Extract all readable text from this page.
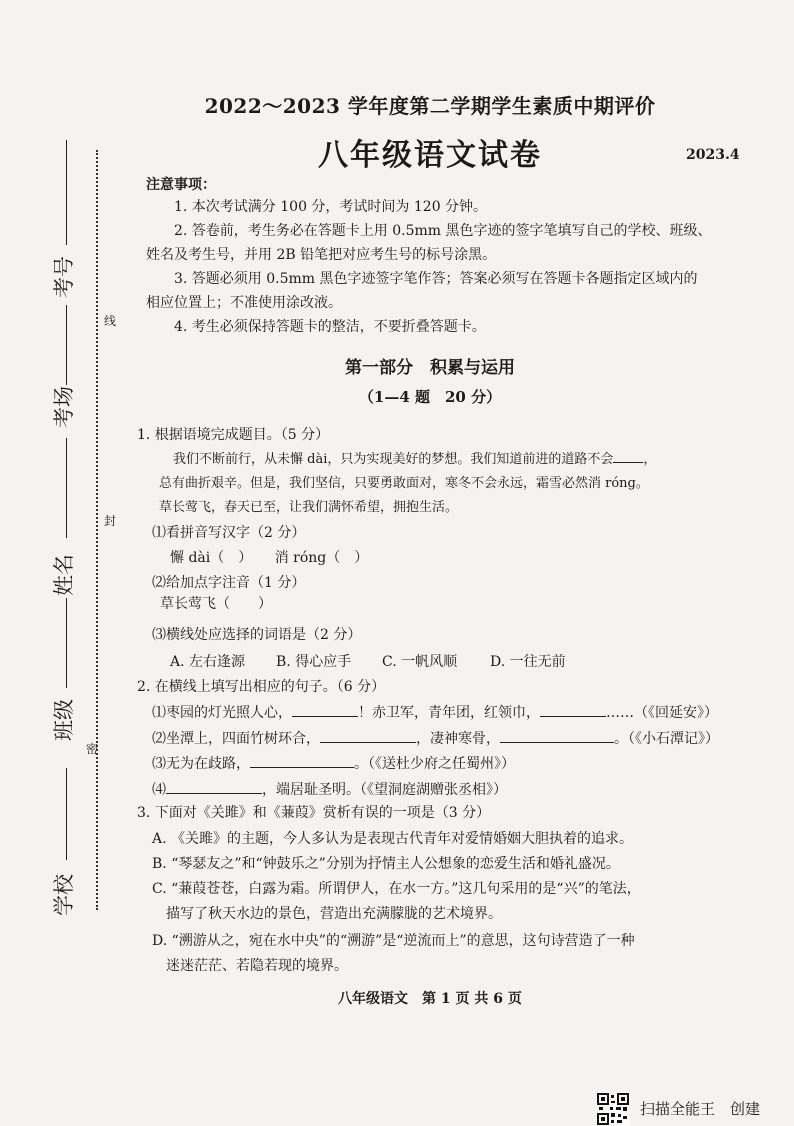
考号
考场
姓名
班级
学校
线
封
密
2022～2023 学年度第二学期学生素质中期评价
八年级语文试卷	2023.4
注意事项：
1. 本次考试满分 100 分，考试时间为 120 分钟。
2. 答卷前，考生务必在答题卡上用 0.5mm 黑色字迹的签字笔填写自己的学校、班级、
姓名及考生号，并用 2B 铅笔把对应考生号的标号涂黑。
3. 答题必须用 0.5mm 黑色字迹签字笔作答；答案必须写在答题卡各题指定区域内的
相应位置上；不准使用涂改液。
4. 考生必须保持答题卡的整洁，不要折叠答题卡。
第一部分　积累与运用
（1—4 题　20 分）
1. 根据语境完成题目。（5 分）
我们不断前行，从未懈 dài，只为实现美好的梦想。我们知道前进的道路不会 ，
总有曲折艰辛。但是，我们坚信，只要勇敢面对，寒冬不会永远，霜雪必然消 róng。
草长莺飞，春天已至，让我们满怀希望，拥抱生活。
⑴看拼音写汉字（2 分）
懈 dài（　） 消 róng（　）
⑵给加点字注音（1 分）
草长莺飞（　　）
⑶横线处应选择的词语是（2 分）
A. 左右逢源 B. 得心应手 C. 一帆风顺 D. 一往无前
2. 在横线上填写出相应的句子。（6 分）
⑴枣园的灯光照人心，	！赤卫军，青年团，红领巾，	……（《回延安》）
⑵坐潭上，四面竹树环合，	，凄神寒骨，	。（《小石潭记》）
⑶无为在歧路，	。（《送杜少府之任蜀州》）
⑷	，端居耻圣明。（《望洞庭湖赠张丞相》）
3. 下面对《关雎》和《蒹葭》赏析有误的一项是（3 分）
A. 《关雎》的主题，今人多认为是表现古代青年对爱情婚姻大胆执着的追求。
B. “琴瑟友之”和“钟鼓乐之”分别为抒情主人公想象的恋爱生活和婚礼盛况。
C. “蒹葭苍苍，白露为霜。所谓伊人，在水一方。”这几句采用的是“兴”的笔法，
描写了秋天水边的景色，营造出充满朦胧的艺术境界。
D. “溯游从之，宛在水中央”的“溯游”是“逆流而上”的意思，这句诗营造了一种
迷迷茫茫、若隐若现的境界。
八年级语文　第 1 页 共 6 页
扫描全能王　创建
